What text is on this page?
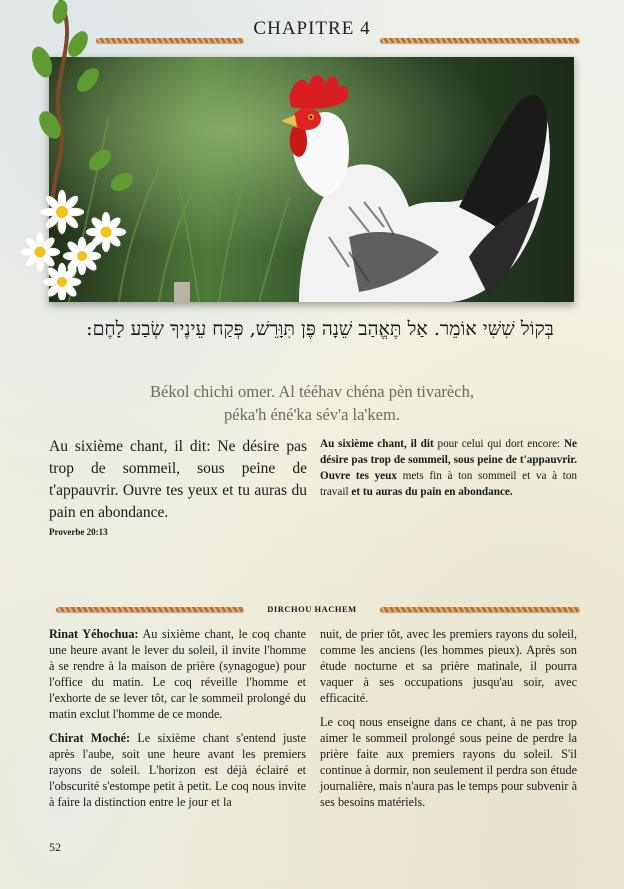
CHAPITRE 4
בְּקוֹל שִׁשִּׁי אוֹמֵר. אַל תֶּאֱהַב שֵׁנָה פֶּן תִּוָּרֵשׁ, פְּקַח עֵינֶיךָ שְׂבַע לָחֶם:
Békol chichi omer. Al tééhav chéna pèn tivarèch,
péka'h éné'ka sév'a la'kem.
Au sixième chant, il dit: Ne désire pas trop de sommeil, sous peine de t'appauvrir. Ouvre tes yeux et tu auras du pain en abondance.
Proverbe 20:13
Au sixième chant, il dit pour celui qui dort encore: Ne désire pas trop de sommeil, sous peine de t'appauvrir. Ouvre tes yeux mets fin à ton sommeil et va à ton travail et tu auras du pain en abondance.
DIRCHOU HACHEM

Rinat Yéhochua: Au sixième chant, le coq chante une heure avant le lever du soleil, il invite l'homme à se rendre à la maison de prière (synagogue) pour l'office du matin. Le coq réveille l'homme et l'exhorte de se lever tôt, car le sommeil prolongé du matin exclut l'homme de ce monde.

Chirat Moché: Le sixième chant s'entend juste après l'aube, soit une heure avant les premiers rayons de soleil. L'horizon est déjà éclairé et l'obscurité s'estompe petit à petit. Le coq nous invite à faire la distinction entre le jour et la

nuit, de prier tôt, avec les premiers rayons du soleil, comme les anciens (les hommes pieux). Après son étude nocturne et sa prière matinale, il pourra vaquer à ses occupations jusqu'au soir, avec efficacité.

Le coq nous enseigne dans ce chant, à ne pas trop aimer le sommeil prolongé sous peine de perdre la prière faite aux premiers rayons du soleil. S'il continue à dormir, non seulement il perdra son étude journalière, mais n'aura pas le temps pour subvenir à ses besoins matériels.

52
